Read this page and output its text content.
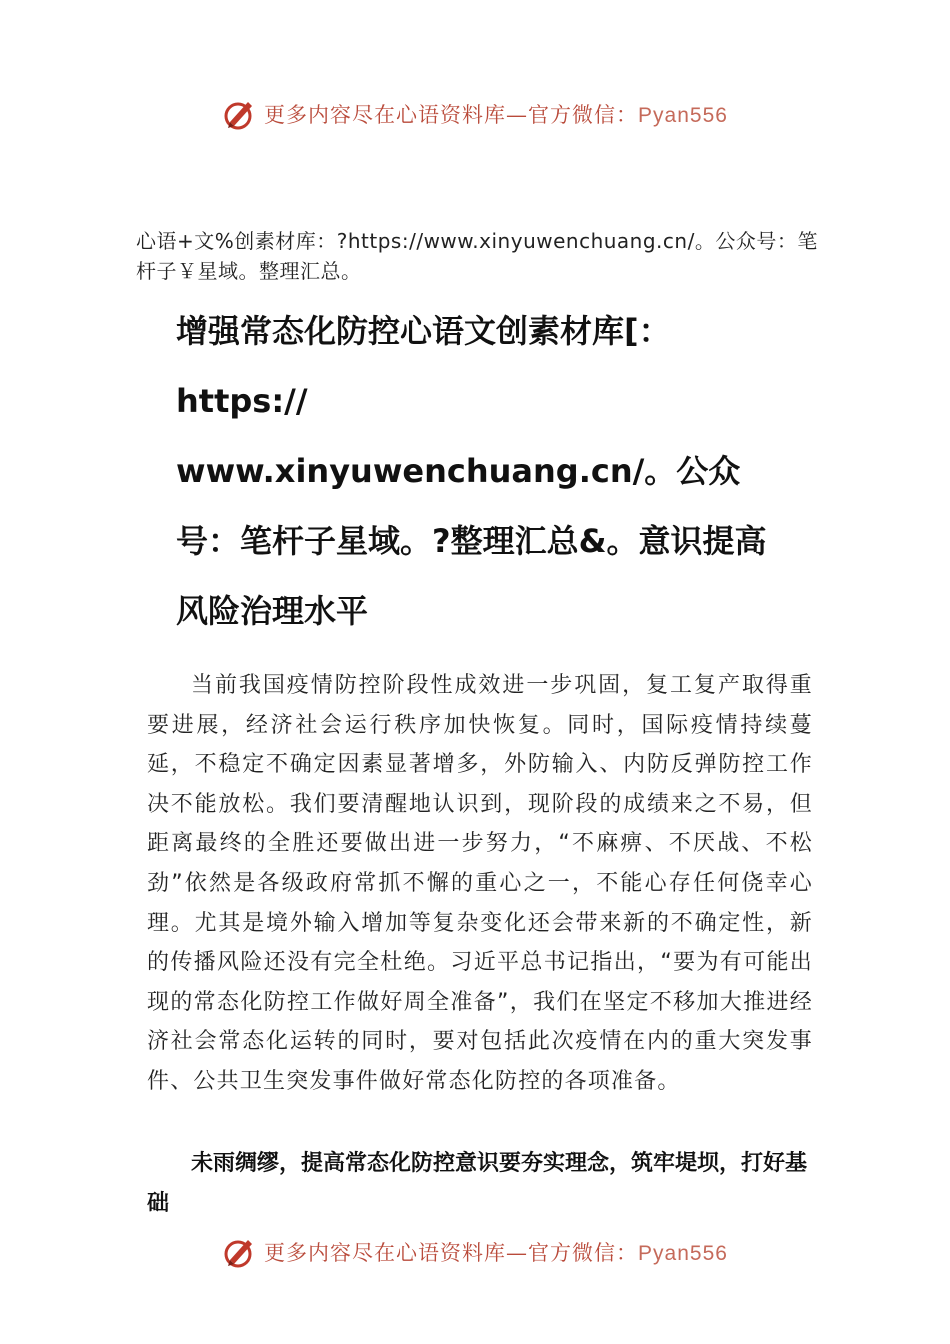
更多内容尽在心语资料库—官方微信：Pyan556
心语+文%创素材库：?https://www.xinyuwenchuang.cn/。公众号：笔杆子￥星域。整理汇总。
增强常态化防控心语文创素材库[：
https://
www.xinyuwenchuang.cn/。公众
号：笔杆子星域。?整理汇总&。意识提高
风险治理水平

当前我国疫情防控阶段性成效进一步巩固，复工复产取得重要进展，经济社会运行秩序加快恢复。同时，国际疫情持续蔓延，不稳定不确定因素显著增多，外防输入、内防反弹防控工作决不能放松。我们要清醒地认识到，现阶段的成绩来之不易，但距离最终的全胜还要做出进一步努力，“不麻痹、不厌战、不松劲”依然是各级政府常抓不懈的重心之一，不能心存任何侥幸心理。尤其是境外输入增加等复杂变化还会带来新的不确定性，新的传播风险还没有完全杜绝。习近平总书记指出，“要为有可能出现的常态化防控工作做好周全准备”，我们在坚定不移加大推进经济社会常态化运转的同时，要对包括此次疫情在内的重大突发事件、公共卫生突发事件做好常态化防控的各项准备。

未雨绸缪，提高常态化防控意识要夯实理念，筑牢堤坝，打好基础

更多内容尽在心语资料库—官方微信：Pyan556
